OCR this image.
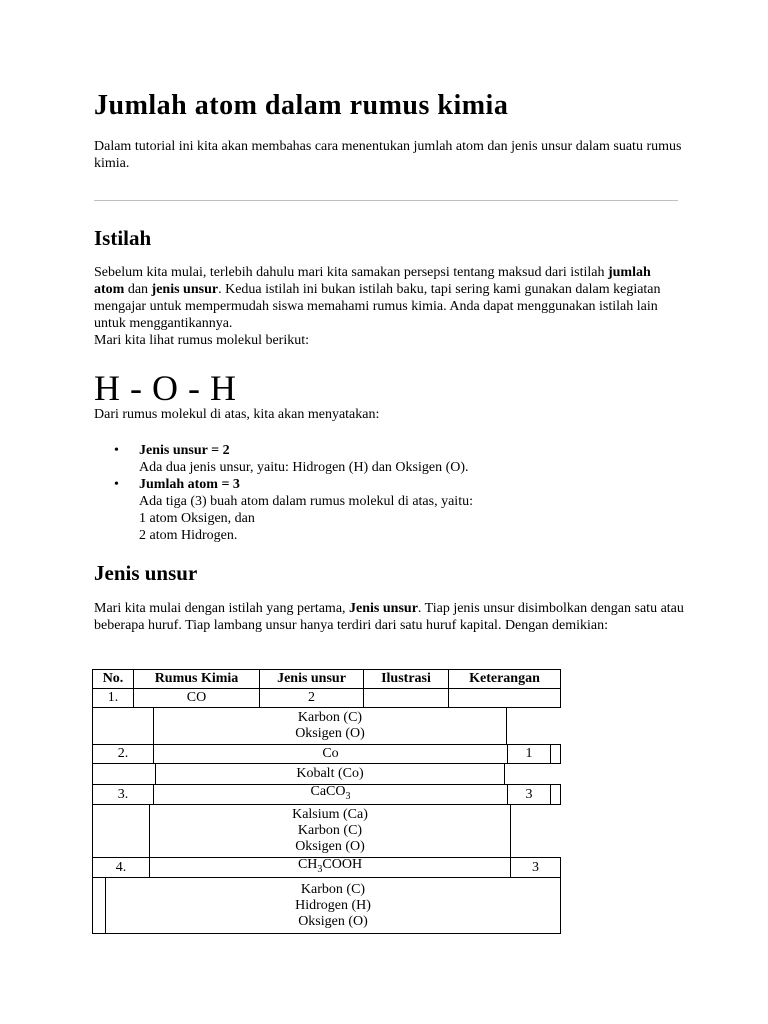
Jumlah atom dalam rumus kimia

Dalam tutorial ini kita akan membahas cara menentukan jumlah atom dan jenis unsur dalam suatu rumus kimia.

Istilah
Sebelum kita mulai, terlebih dahulu mari kita samakan persepsi tentang maksud dari istilah jumlah atom dan jenis unsur. Kedua istilah ini bukan istilah baku, tapi sering kami gunakan dalam kegiatan mengajar untuk mempermudah siswa memahami rumus kimia. Anda dapat menggunakan istilah lain untuk menggantikannya.
Mari kita lihat rumus molekul berikut:
H - O - H

Dari rumus molekul di atas, kita akan menyatakan:

• Jenis unsur = 2
Ada dua jenis unsur, yaitu: Hidrogen (H) dan Oksigen (O).
• Jumlah atom = 3
Ada tiga (3) buah atom dalam rumus molekul di atas, yaitu:
1 atom Oksigen, dan
2 atom Hidrogen.
Jenis unsur
Mari kita mulai dengan istilah yang pertama, Jenis unsur. Tiap jenis unsur disimbolkan dengan satu atau beberapa huruf. Tiap lambang unsur hanya terdiri dari satu huruf kapital. Dengan demikian:
No.	Rumus Kimia	Jenis unsur	Ilustrasi	Keterangan
1.	CO	2
Karbon (C)
Oksigen (O)
2.	Co	1
Kobalt (Co)
3.	CaCO$_3$	3
Kalsium (Ca)
Karbon (C)
Oksigen (O)
4.	$CH_3COOH$	3
Karbon (C)
Hidrogen (H)
Oksigen (O)
